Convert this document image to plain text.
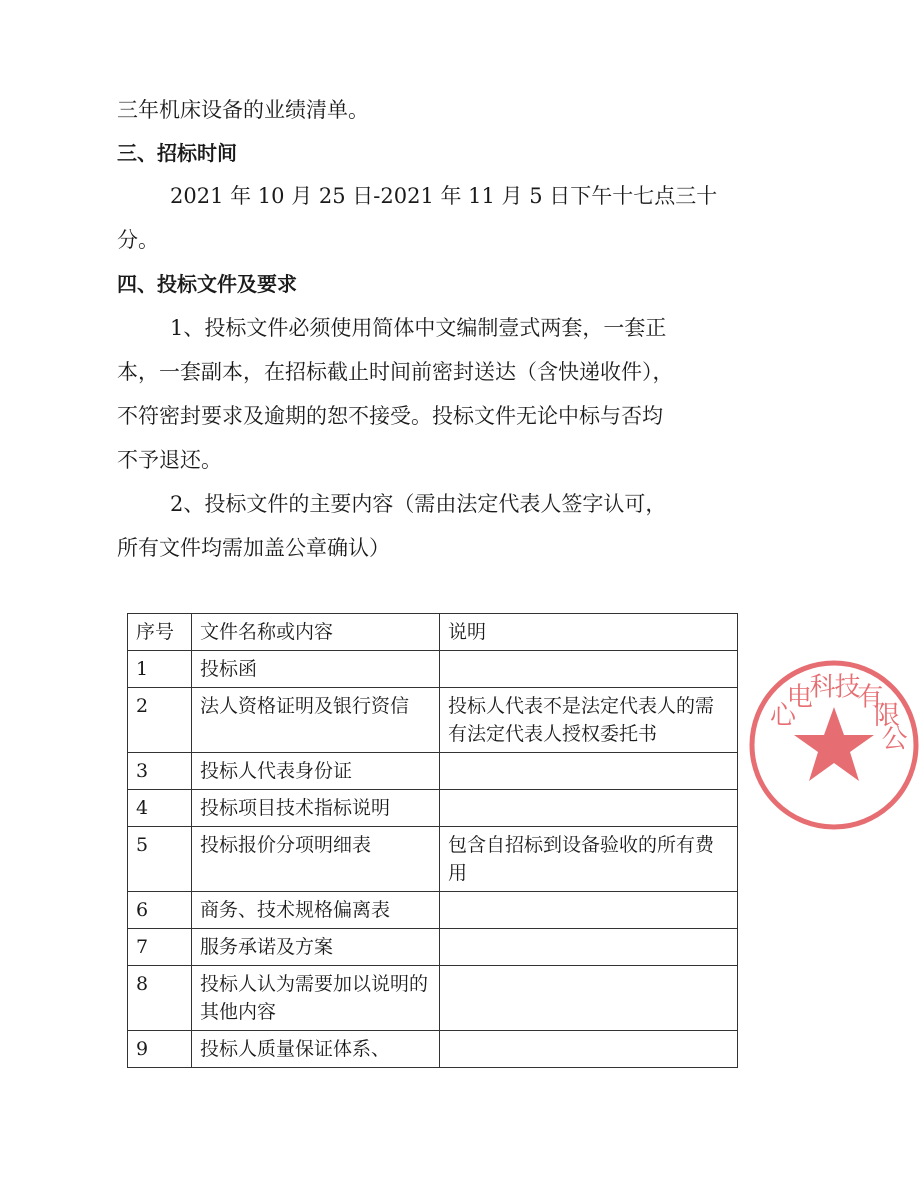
三年机床设备的业绩清单。
三、招标时间
2021 年 10 月 25 日-2021 年 11 月 5 日下午十七点三十
分。
四、投标文件及要求
1、投标文件必须使用简体中文编制壹式两套，一套正
本，一套副本，在招标截止时间前密封送达（含快递收件），
不符密封要求及逾期的恕不接受。投标文件无论中标与否均
不予退还。
2、投标文件的主要内容（需由法定代表人签字认可，
所有文件均需加盖公章确认）
序号	文件名称或内容	说明
1	投标函	
2	法人资格证明及银行资信	投标人代表不是法定代表人的需有法定代表人授权委托书
3	投标人代表身份证	
4	投标项目技术指标说明	
5	投标报价分项明细表	包含自招标到设备验收的所有费用
6	商务、技术规格偏离表	
7	服务承诺及方案	
8	投标人认为需要加以说明的其他内容	
9	投标人质量保证体系、	
心电科技有限公
